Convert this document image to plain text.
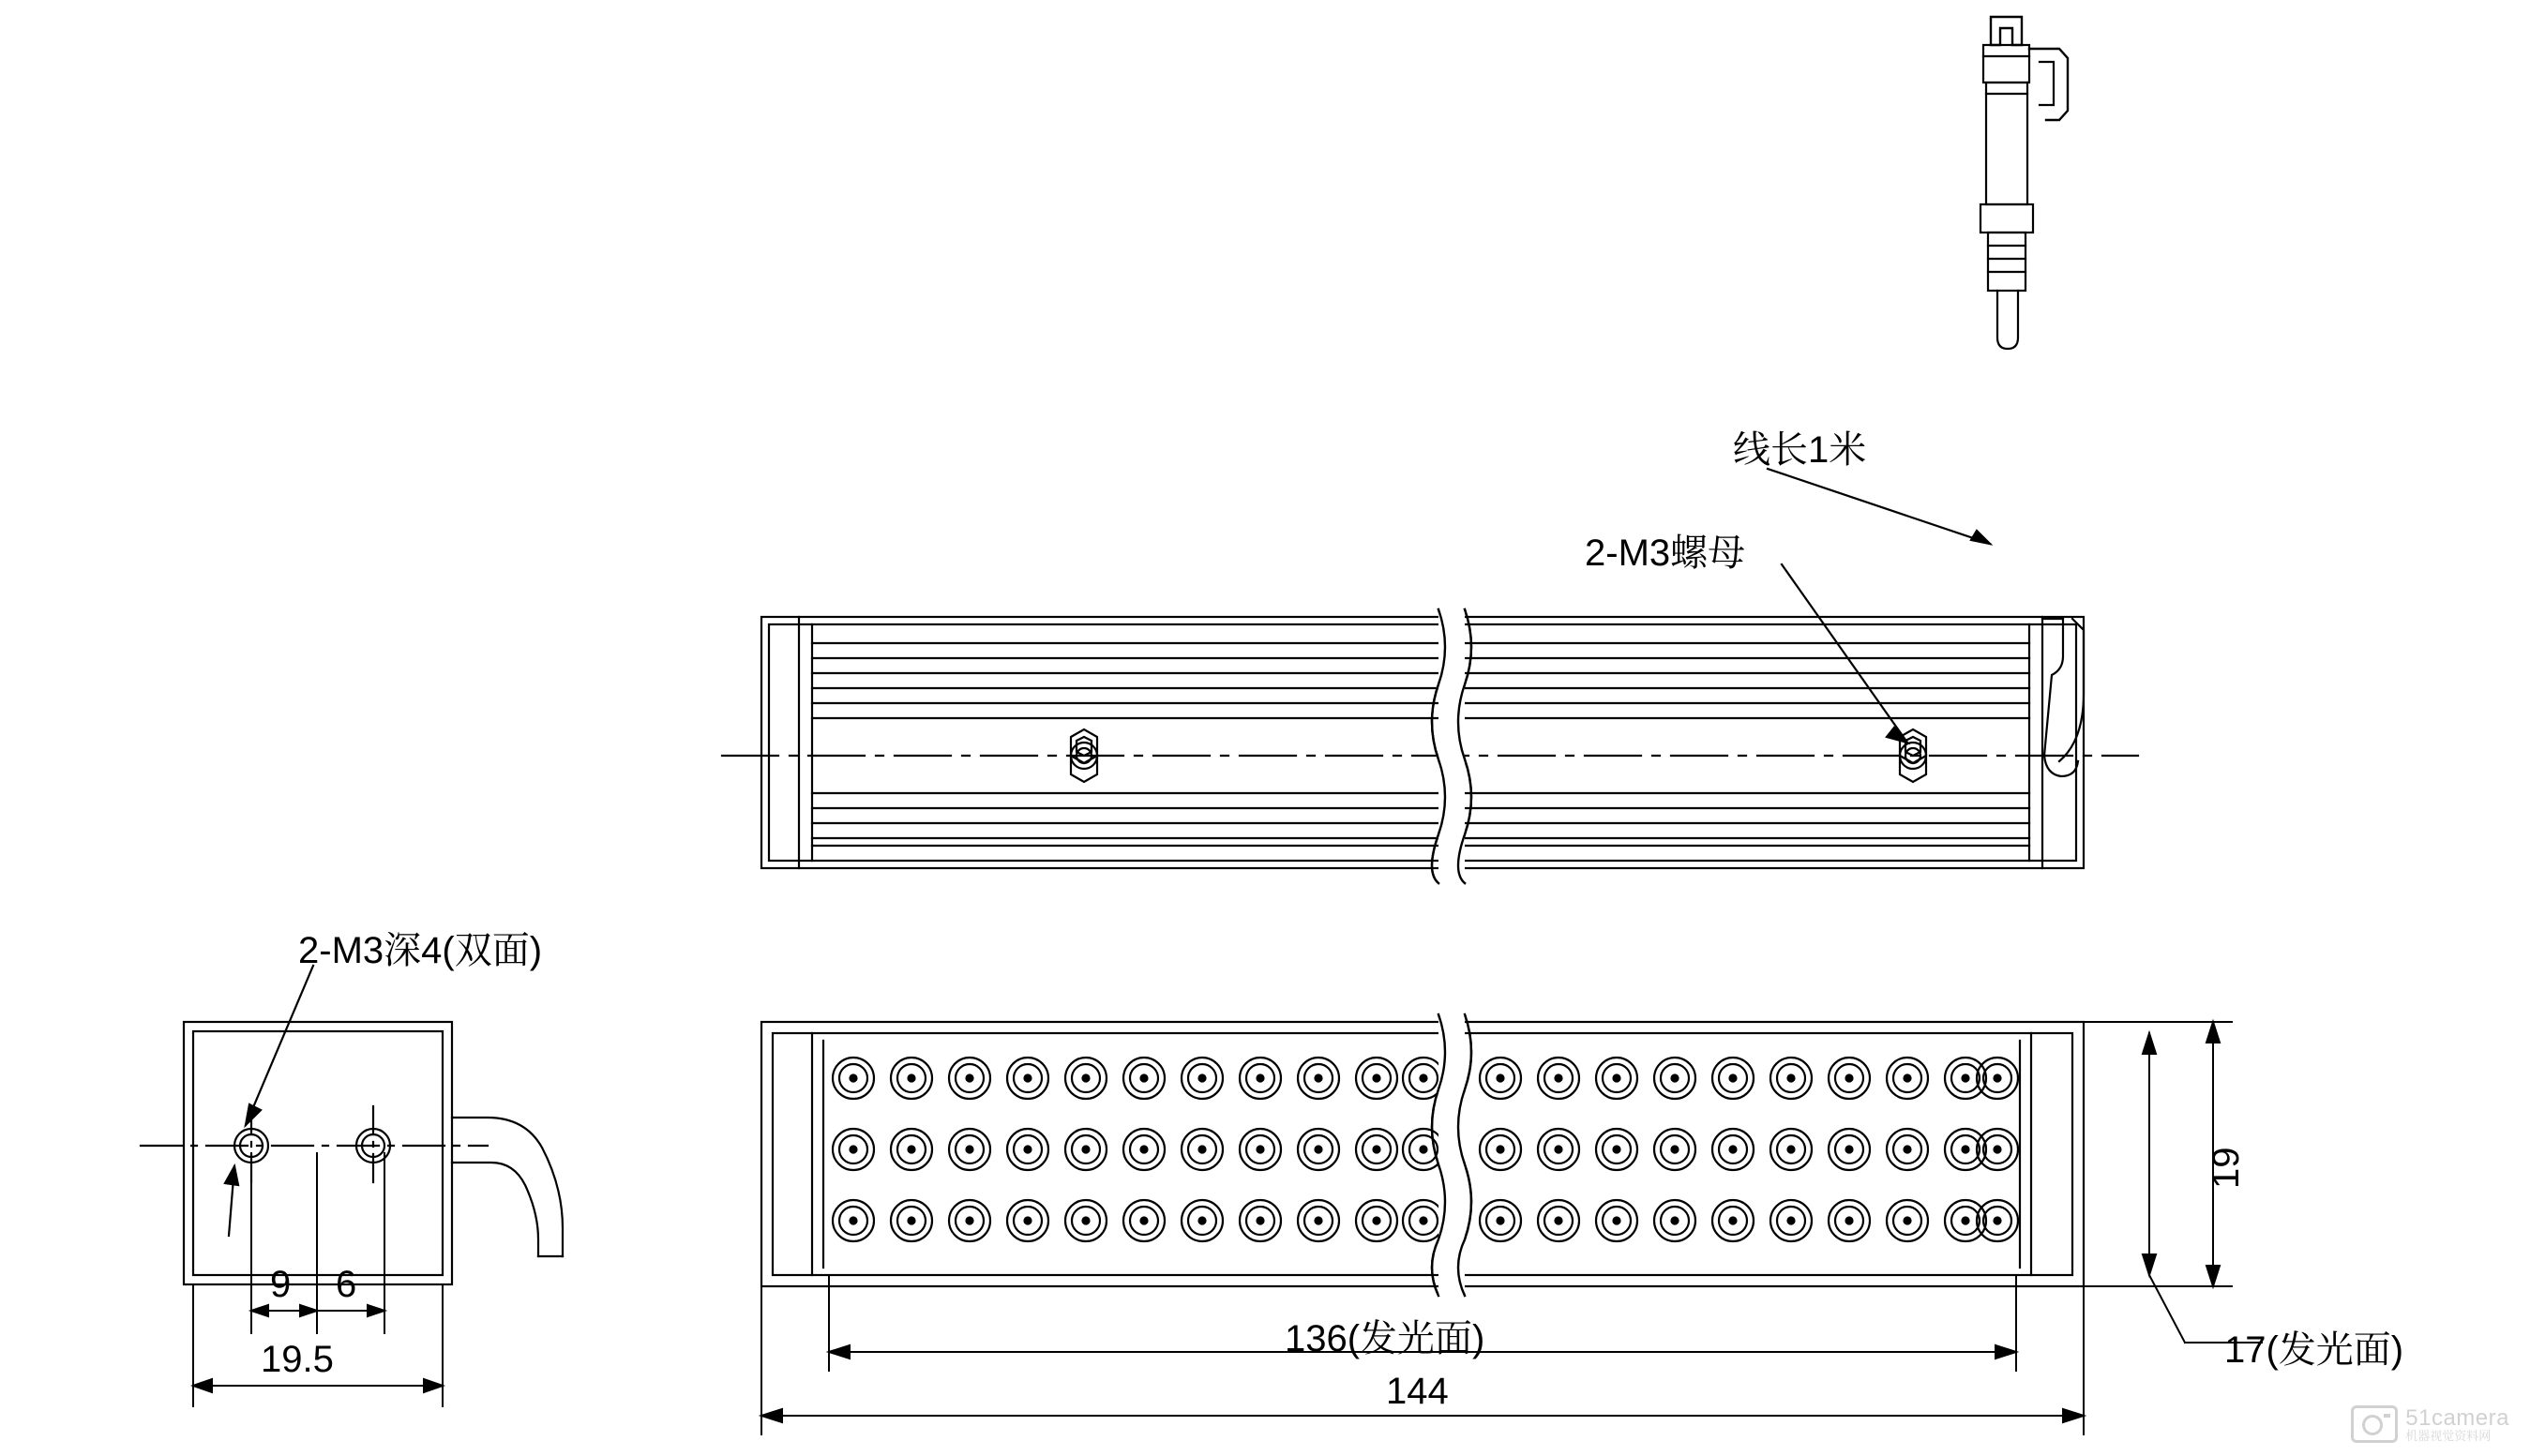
线长1米
2-M3螺母
2-M3深4(双面)
136(发光面)
144
19
17(发光面)
9 6
19.5
51camera
机器视觉资料网
